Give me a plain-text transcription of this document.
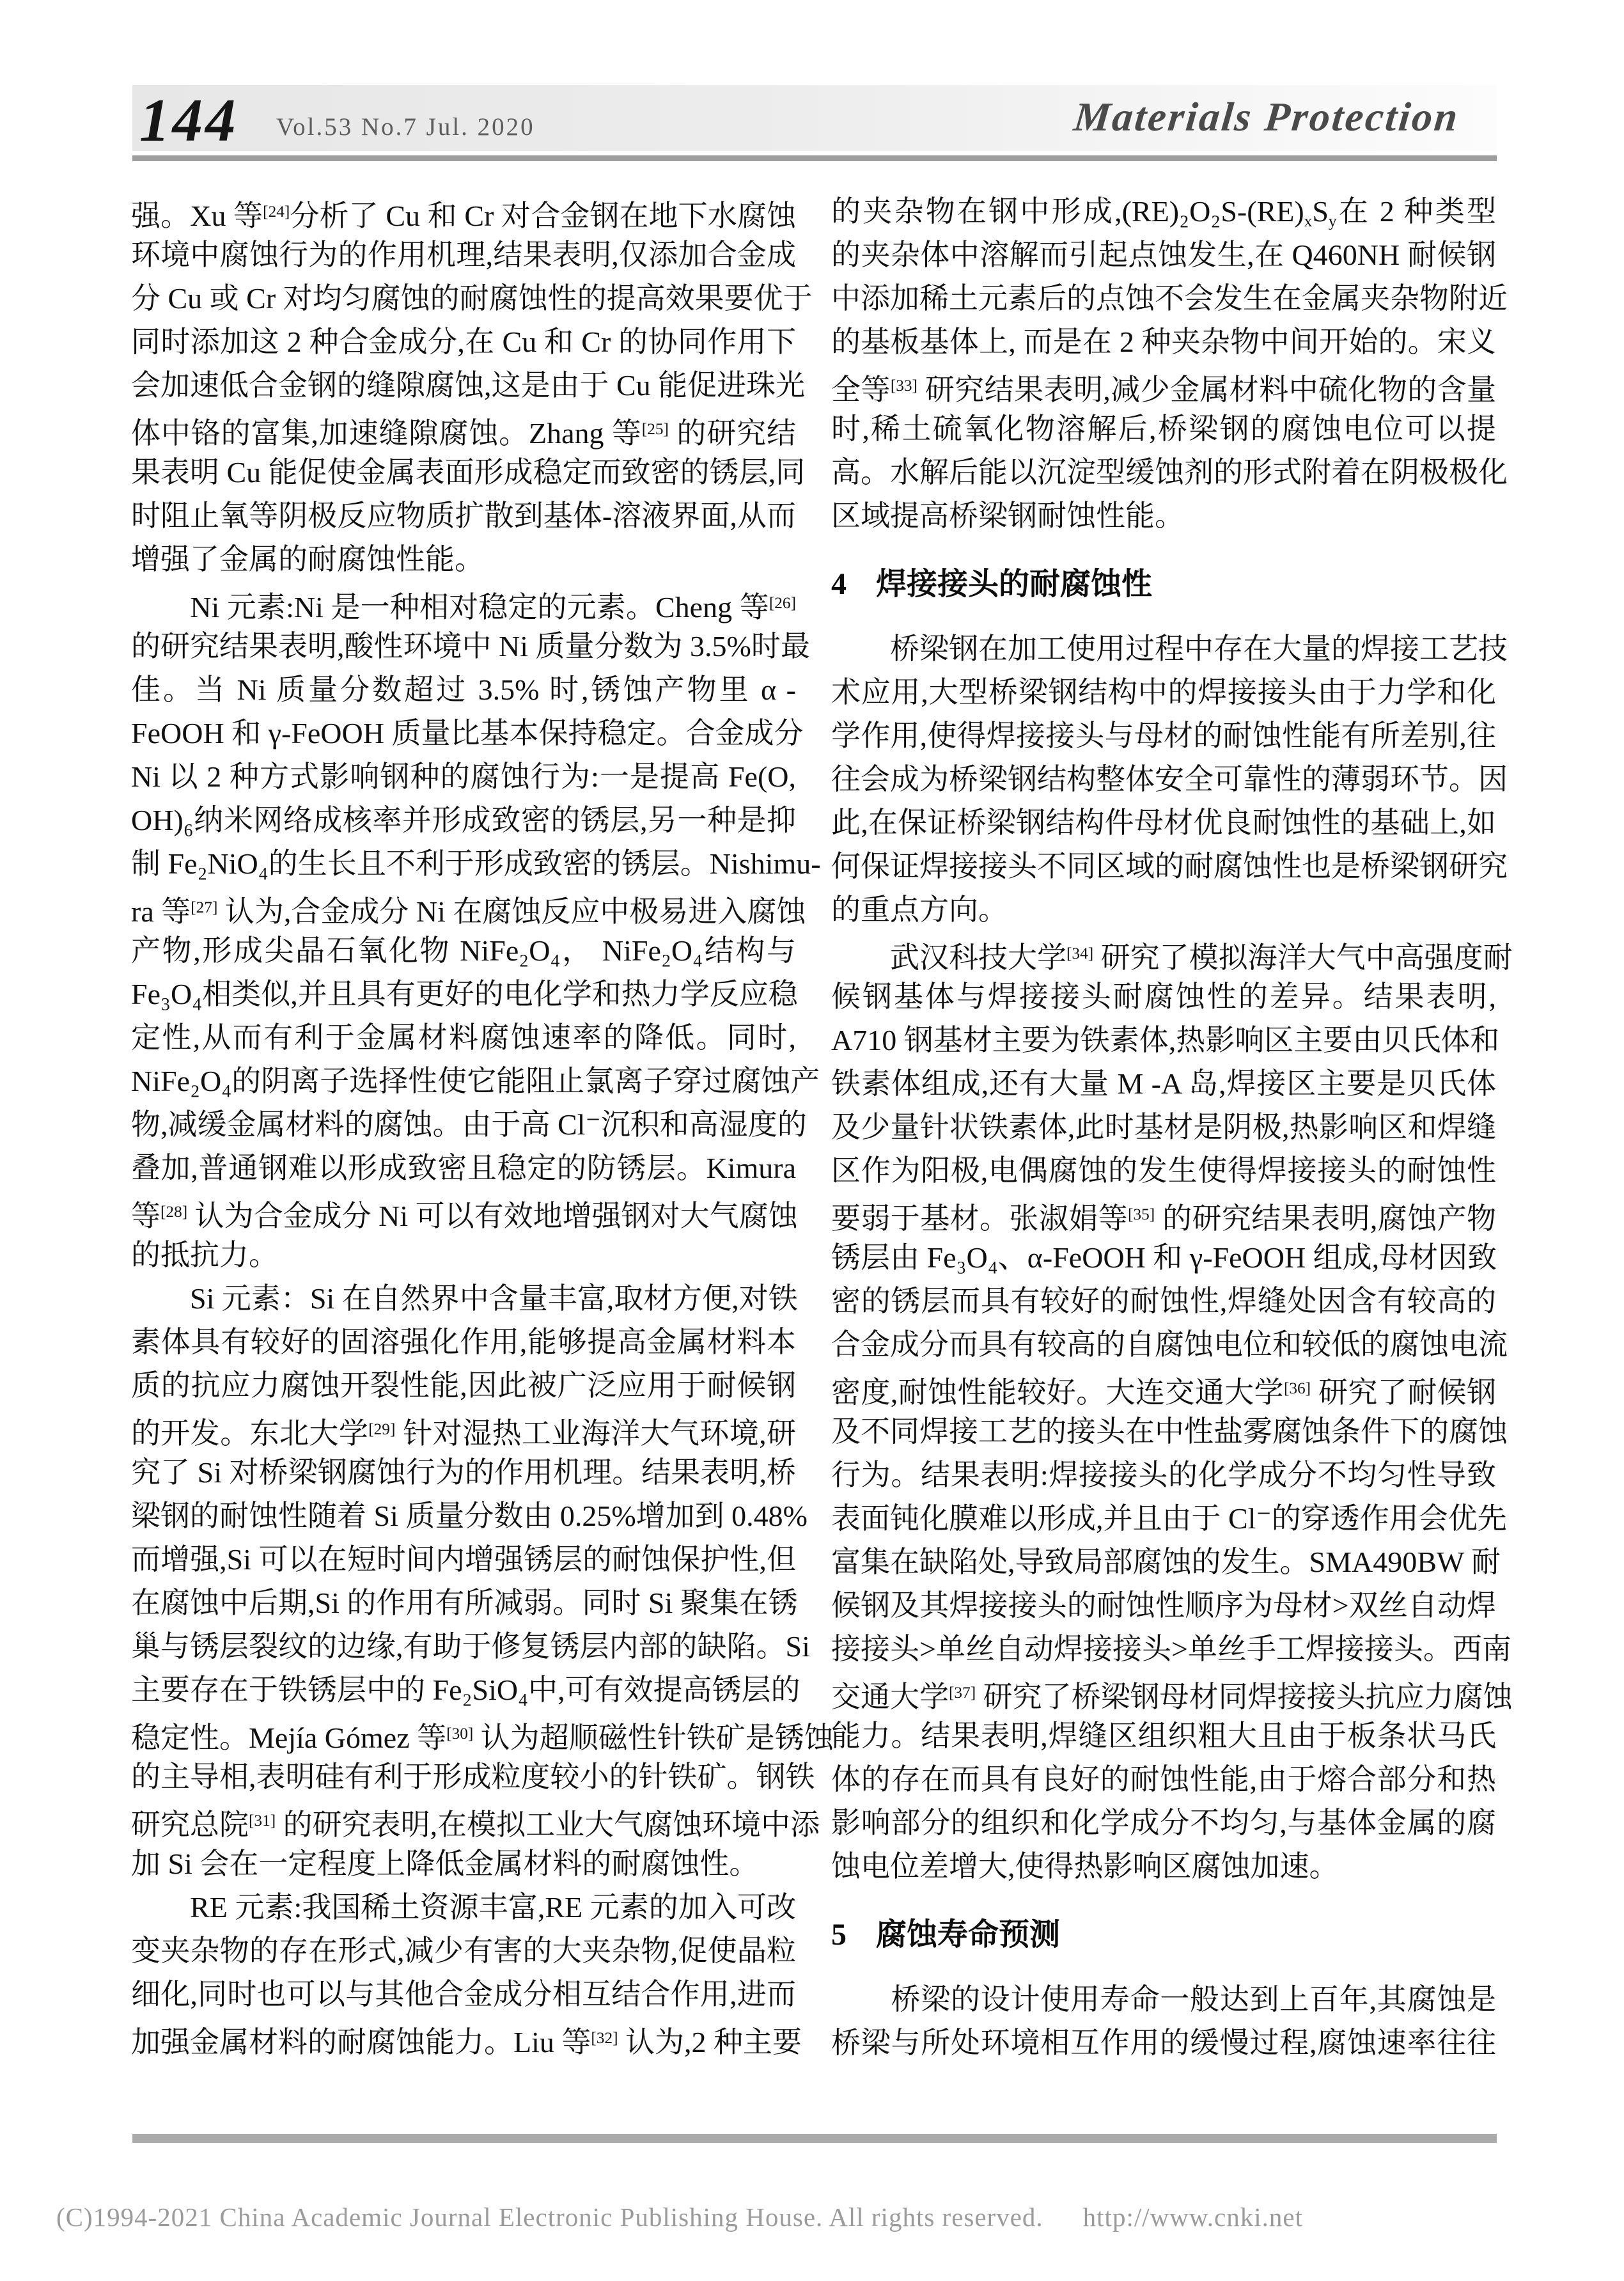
144 Vol.53 No.7 Jul. 2020	Materials Protection
强。Xu 等[24]分析了 Cu 和 Cr 对合金钢在地下水腐蚀
环境中腐蚀行为的作用机理,结果表明,仅添加合金成
分 Cu 或 Cr 对均匀腐蚀的耐腐蚀性的提高效果要优于
同时添加这 2 种合金成分,在 Cu 和 Cr 的协同作用下
会加速低合金钢的缝隙腐蚀,这是由于 Cu 能促进珠光
体中铬的富集,加速缝隙腐蚀。Zhang 等[25] 的研究结
果表明 Cu 能促使金属表面形成稳定而致密的锈层,同
时阻止氧等阴极反应物质扩散到基体-溶液界面,从而
增强了金属的耐腐蚀性能。
　　Ni 元素:Ni 是一种相对稳定的元素。Cheng 等[26]
的研究结果表明,酸性环境中 Ni 质量分数为 3.5%时最
佳。当 Ni 质量分数超过 3.5% 时,锈蚀产物里 α -
FeOOH 和 γ-FeOOH 质量比基本保持稳定。合金成分
Ni 以 2 种方式影响钢种的腐蚀行为:一是提高 Fe(O,
OH)₆纳米网络成核率并形成致密的锈层,另一种是抑
制 Fe₂NiO₄的生长且不利于形成致密的锈层。Nishimu-
ra 等[27] 认为,合金成分 Ni 在腐蚀反应中极易进入腐蚀
产物,形成尖晶石氧化物 NiFe₂O₄， NiFe₂O₄结构与
Fe₃O₄相类似,并且具有更好的电化学和热力学反应稳
定性,从而有利于金属材料腐蚀速率的降低。同时,
NiFe₂O₄的阴离子选择性使它能阻止氯离子穿过腐蚀产
物,减缓金属材料的腐蚀。由于高 Cl⁻沉积和高湿度的
叠加,普通钢难以形成致密且稳定的防锈层。Kimura
等[28] 认为合金成分 Ni 可以有效地增强钢对大气腐蚀
的抵抗力。
　　Si 元素：Si 在自然界中含量丰富,取材方便,对铁
素体具有较好的固溶强化作用,能够提高金属材料本
质的抗应力腐蚀开裂性能,因此被广泛应用于耐候钢
的开发。东北大学[29] 针对湿热工业海洋大气环境,研
究了 Si 对桥梁钢腐蚀行为的作用机理。结果表明,桥
梁钢的耐蚀性随着 Si 质量分数由 0.25%增加到 0.48%
而增强,Si 可以在短时间内增强锈层的耐蚀保护性,但
在腐蚀中后期,Si 的作用有所减弱。同时 Si 聚集在锈
巢与锈层裂纹的边缘,有助于修复锈层内部的缺陷。Si
主要存在于铁锈层中的 Fe₂SiO₄中,可有效提高锈层的
稳定性。Mejía Gómez 等[30] 认为超顺磁性针铁矿是锈蚀
的主导相,表明硅有利于形成粒度较小的针铁矿。钢铁
研究总院[31] 的研究表明,在模拟工业大气腐蚀环境中添
加 Si 会在一定程度上降低金属材料的耐腐蚀性。
　　RE 元素:我国稀土资源丰富,RE 元素的加入可改
变夹杂物的存在形式,减少有害的大夹杂物,促使晶粒
细化,同时也可以与其他合金成分相互结合作用,进而
加强金属材料的耐腐蚀能力。Liu 等[32] 认为,2 种主要
的夹杂物在钢中形成$,(RE)_2O_2S-(RE)_xS_y$在 2 种类型
的夹杂体中溶解而引起点蚀发生,在 Q460NH 耐候钢
中添加稀土元素后的点蚀不会发生在金属夹杂物附近
的基板基体上, 而是在 2 种夹杂物中间开始的。宋义
全等[33] 研究结果表明,减少金属材料中硫化物的含量
时,稀土硫氧化物溶解后,桥梁钢的腐蚀电位可以提
高。水解后能以沉淀型缓蚀剂的形式附着在阴极极化
区域提高桥梁钢耐蚀性能。
4 焊接接头的耐腐蚀性
　　桥梁钢在加工使用过程中存在大量的焊接工艺技
术应用,大型桥梁钢结构中的焊接接头由于力学和化
学作用,使得焊接接头与母材的耐蚀性能有所差别,往
往会成为桥梁钢结构整体安全可靠性的薄弱环节。因
此,在保证桥梁钢结构件母材优良耐蚀性的基础上,如
何保证焊接接头不同区域的耐腐蚀性也是桥梁钢研究
的重点方向。
　　武汉科技大学[34] 研究了模拟海洋大气中高强度耐
候钢基体与焊接接头耐腐蚀性的差异。结果表明,
A710 钢基材主要为铁素体,热影响区主要由贝氏体和
铁素体组成,还有大量 M -A 岛,焊接区主要是贝氏体
及少量针状铁素体,此时基材是阴极,热影响区和焊缝
区作为阳极,电偶腐蚀的发生使得焊接接头的耐蚀性
要弱于基材。张淑娟等[35] 的研究结果表明,腐蚀产物
锈层由 Fe₃O₄、α-FeOOH 和 γ-FeOOH 组成,母材因致
密的锈层而具有较好的耐蚀性,焊缝处因含有较高的
合金成分而具有较高的自腐蚀电位和较低的腐蚀电流
密度,耐蚀性能较好。大连交通大学[36] 研究了耐候钢
及不同焊接工艺的接头在中性盐雾腐蚀条件下的腐蚀
行为。结果表明:焊接接头的化学成分不均匀性导致
表面钝化膜难以形成,并且由于 Cl⁻的穿透作用会优先
富集在缺陷处,导致局部腐蚀的发生。SMA490BW 耐
候钢及其焊接接头的耐蚀性顺序为母材>双丝自动焊
接接头>单丝自动焊接接头>单丝手工焊接接头。西南
交通大学[37] 研究了桥梁钢母材同焊接接头抗应力腐蚀
能力。结果表明,焊缝区组织粗大且由于板条状马氏
体的存在而具有良好的耐蚀性能,由于熔合部分和热
影响部分的组织和化学成分不均匀,与基体金属的腐
蚀电位差增大,使得热影响区腐蚀加速。
5 腐蚀寿命预测
　　桥梁的设计使用寿命一般达到上百年,其腐蚀是
桥梁与所处环境相互作用的缓慢过程,腐蚀速率往往
(C)1994-2021 China Academic Journal Electronic Publishing House. All rights reserved. http://www.cnki.net
